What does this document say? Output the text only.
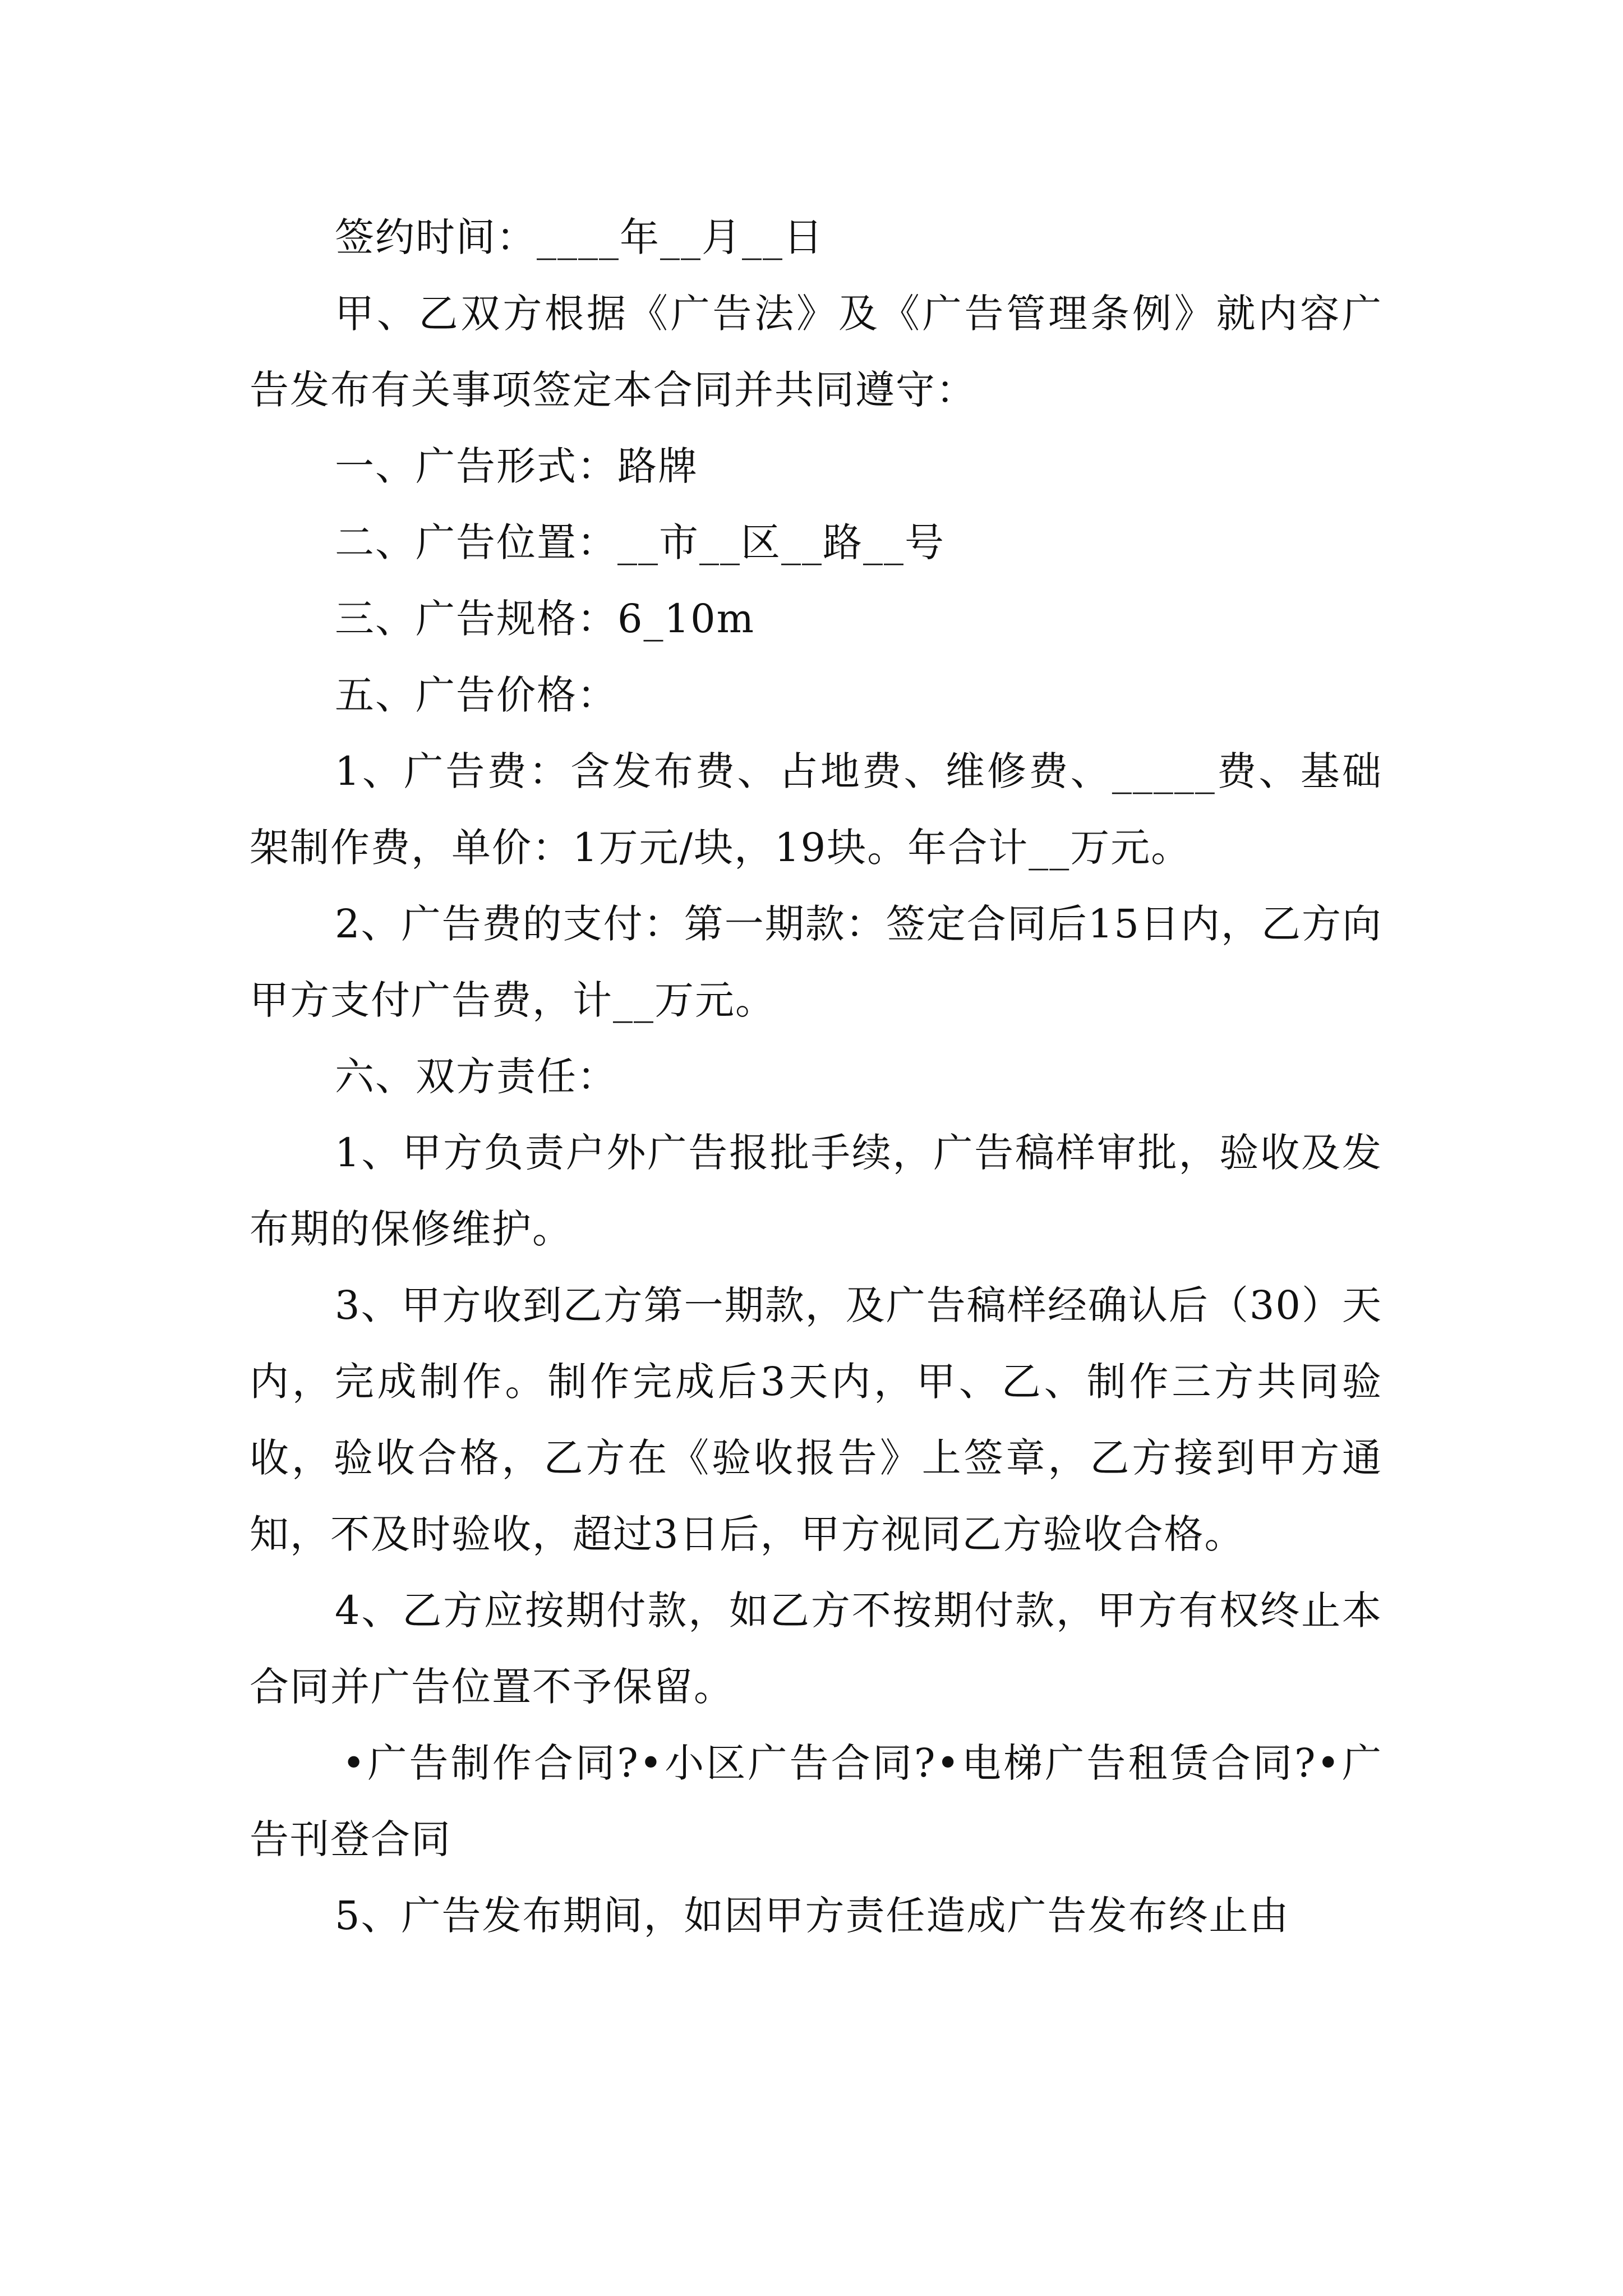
签约时间：____年__月__日

甲、乙双方根据《广告法》及《广告管理条例》就内容广告发布有关事项签定本合同并共同遵守：

一、广告形式：路牌

二、广告位置：__市__区__路__号

三、广告规格：6_10m

五、广告价格：

1、广告费：含发布费、占地费、维修费、_____费、基础架制作费，单价：1万元/块，19块。年合计__万元。

2、广告费的支付：第一期款：签定合同后15日内，乙方向甲方支付广告费，计__万元。

六、双方责任：

1、甲方负责户外广告报批手续，广告稿样审批，验收及发布期的保修维护。

3、甲方收到乙方第一期款，及广告稿样经确认后（30）天内，完成制作。制作完成后3天内，甲、乙、制作三方共同验收，验收合格，乙方在《验收报告》上签章，乙方接到甲方通知，不及时验收，超过3日后，甲方视同乙方验收合格。

4、乙方应按期付款，如乙方不按期付款，甲方有权终止本合同并广告位置不予保留。

•广告制作合同?•小区广告合同?•电梯广告租赁合同?•广告刊登合同

5、广告发布期间，如因甲方责任造成广告发布终止由
